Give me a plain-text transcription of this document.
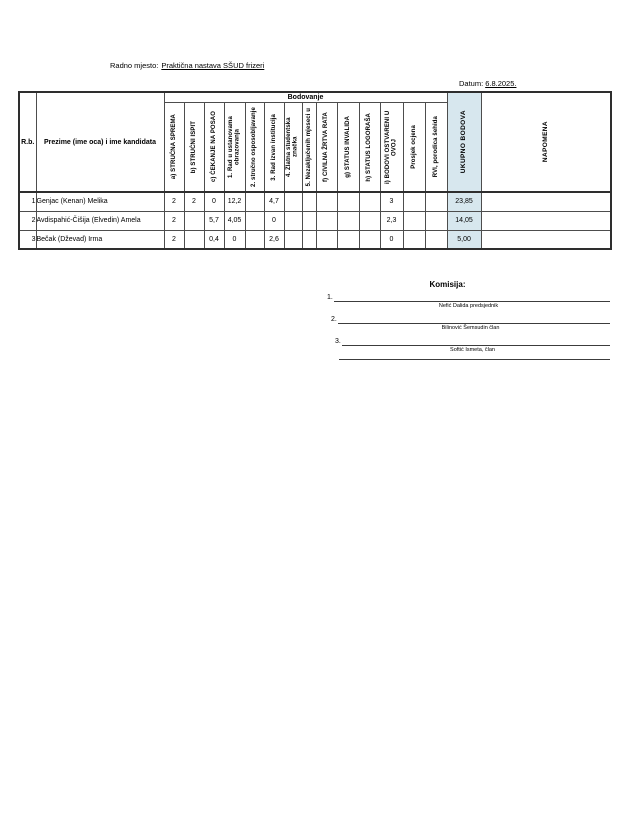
Radno mjesto: Praktična nastava SŠUD frizeri
Datum: 6.8.2025.
R.b.	Prezime (ime oca) i ime kandidata	Bodovanje														UKUPNO BODOVA	NAPOMENA

		a) STRUČNA SPREMA	b) STRUČNI ISPIT	c) ČEKANJE NA POSAO	1. Rad u ustanovama obrazovanja	2. stručno osposobljavanje	3. Rad izvan institucija	4. Zlatna studentska značka	5. Nezaključenih mjeseci u	f) CIVILNA ŽRTVA RATA	g) STATUS INVALIDA	h) STATUS LOGORAŠA	i) BODOVI OSTVARENI U OVOJ	Prosjek ocjena	RVI, porodica šehida		

1	Genjac (Kenan) Melika	2	2	0	12,2		4,7						3			23,85	
2	Avdispahić-Čišija (Elvedin) Amela	2		5,7	4,05		0						2,3			14,05	
3	Bečak (Dževad) Irma	2		0,4	0		2,6						0			5,00	
Komisija:
1.
Nefić Dalida predsjednik
2.
Bilinović Šemsudin član
3.
Softić Ismeta, član
